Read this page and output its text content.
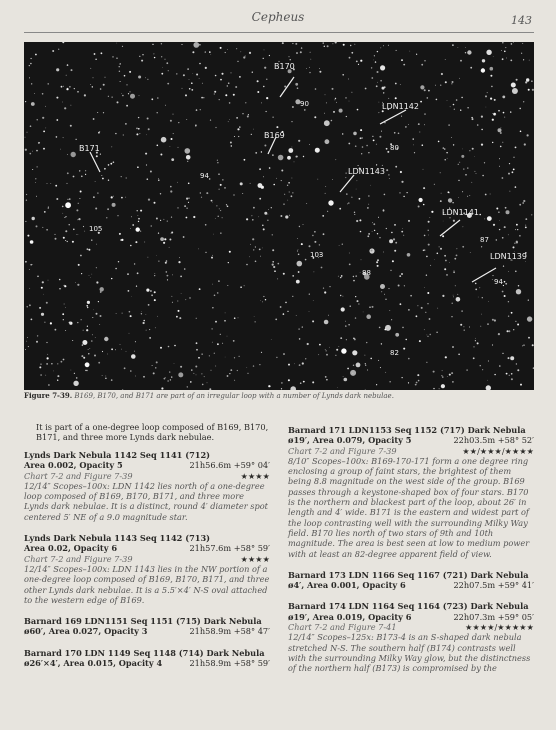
Cepheus	143
B170
LDN1142
B169
B171
LDN1143
LDN1141
LDN1139
90
80
94
105
103
88
87
94
82
Figure 7-39. B169, B170, and B171 are part of an irregular loop with a number of Lynds dark nebulae.
It is part of a one-degree loop composed of B169, B170, B171, and three more Lynds dark nebulae.
Lynds Dark Nebula 1142 Seq 1141 (712)
Area 0.002, Opacity 5	21h56.6m +59° 04′
Chart 7-2 and Figure 7-39	★★★★
12/14″ Scopes–100x: LDN 1142 lies north of a one-degree loop composed of B169, B170, B171, and three more Lynds dark nebulae. It is a distinct, round 4′ diameter spot centered 5′ NE of a 9.0 magnitude star.
Lynds Dark Nebula 1143 Seq 1142 (713)
Area 0.02, Opacity 6	21h57.6m +58° 59′
Chart 7-2 and Figure 7-39	★★★★
12/14″ Scopes–100x: LDN 1143 lies in the NW portion of a one-degree loop composed of B169, B170, B171, and three other Lynds dark nebulae. It is a 5.5′×4′ N-S oval attached to the western edge of B169.
Barnard 169 LDN1151 Seq 1151 (715) Dark Nebula
ø60′, Area 0.027, Opacity 3	21h58.9m +58° 47′
Barnard 170 LDN 1149 Seq 1148 (714) Dark Nebula
ø26′×4′, Area 0.015, Opacity 4	21h58.9m +58° 59′
Barnard 171 LDN1153 Seq 1152 (717) Dark Nebula
ø19′, Area 0.079, Opacity 5	22h03.5m +58° 52′
Chart 7-2 and Figure 7-39	★★/★★★/★★★★
8/10″ Scopes–100x: B169-170-171 form a one degree ring enclosing a group of faint stars, the brightest of them being 8.8 magnitude on the west side of the group. B169 passes through a keystone-shaped box of four stars. B170 is the northern and blackest part of the loop, about 26′ in length and 4′ wide. B171 is the eastern and widest part of the loop contrasting well with the surrounding Milky Way field. B170 lies north of two stars of 9th and 10th magnitude. The area is best seen at low to medium power with at least an 82-degree apparent field of view.
Barnard 173 LDN 1166 Seq 1167 (721) Dark Nebula
ø4′, Area 0.001, Opacity 6	22h07.5m +59° 41′
Barnard 174 LDN 1164 Seq 1164 (723) Dark Nebula
ø19′, Area 0.019, Opacity 6	22h07.3m +59° 05′
Chart 7-2 and Figure 7-41	★★★★/★★★★★
12/14″ Scopes–125x: B173-4 is an S-shaped dark nebula stretched N-S. The southern half (B174) contrasts well with the surrounding Milky Way glow, but the distinctness of the northern half (B173) is compromised by the
